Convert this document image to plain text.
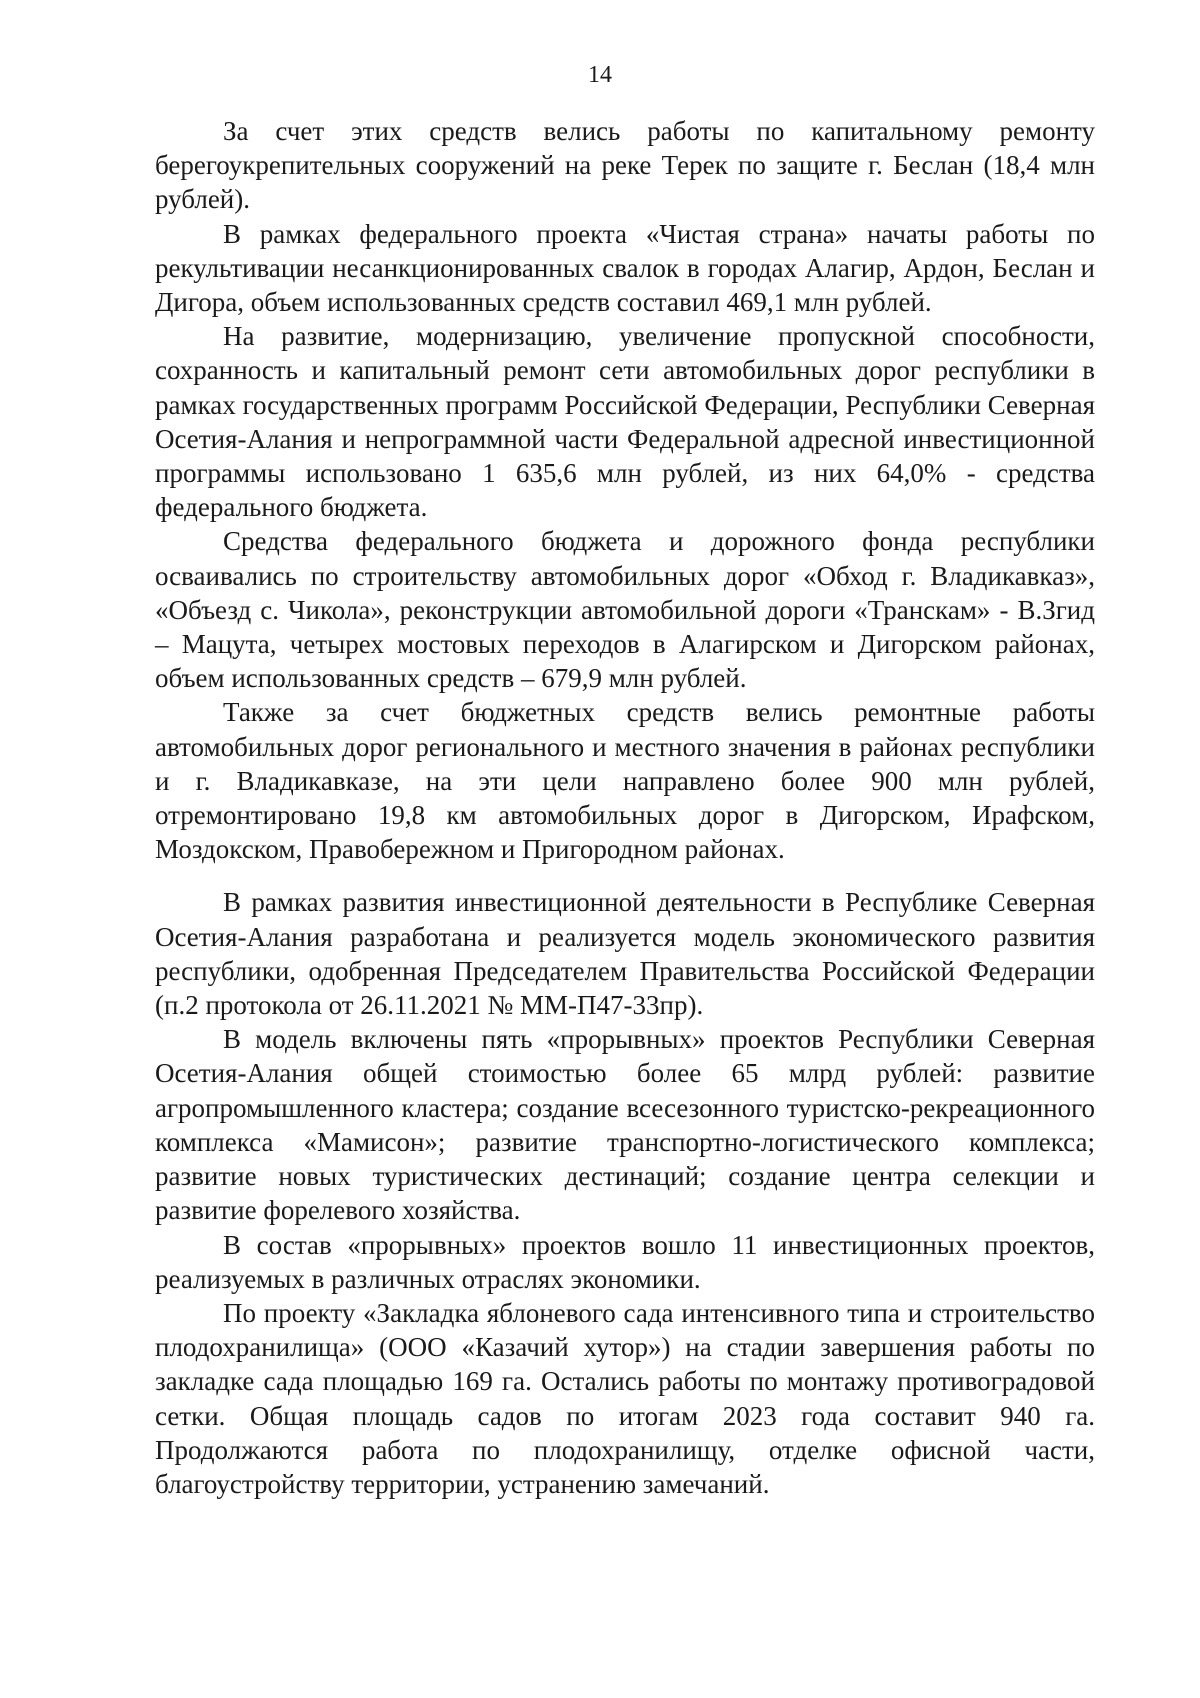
14

За счет этих средств велись работы по капитальному ремонту берегоукрепительных сооружений на реке Терек по защите г. Беслан (18,4 млн рублей).

В рамках федерального проекта «Чистая страна» начаты работы по рекультивации несанкционированных свалок в городах Алагир, Ардон, Беслан и Дигора, объем использованных средств составил 469,1 млн рублей.

На развитие, модернизацию, увеличение пропускной способности, сохранность и капитальный ремонт сети автомобильных дорог республики в рамках государственных программ Российской Федерации, Республики Северная Осетия-Алания и непрограммной части Федеральной адресной инвестиционной программы использовано 1 635,6 млн рублей, из них 64,0% - средства федерального бюджета.

Средства федерального бюджета и дорожного фонда республики осваивались по строительству автомобильных дорог «Обход г. Владикавказ», «Объезд с. Чикола», реконструкции автомобильной дороги «Транскам» - В.Згид – Мацута, четырех мостовых переходов в Алагирском и Дигорском районах, объем использованных средств – 679,9 млн рублей.

Также за счет бюджетных средств велись ремонтные работы автомобильных дорог регионального и местного значения в районах республики и г. Владикавказе, на эти цели направлено более 900 млн рублей, отремонтировано 19,8 км автомобильных дорог в Дигорском, Ирафском, Моздокском, Правобережном и Пригородном районах.

В рамках развития инвестиционной деятельности в Республике Северная Осетия-Алания разработана и реализуется модель экономического развития республики, одобренная Председателем Правительства Российской Федерации (п.2 протокола от 26.11.2021 № ММ-П47-33пр).

В модель включены пять «прорывных» проектов Республики Северная Осетия-Алания общей стоимостью более 65 млрд рублей: развитие агропромышленного кластера; создание всесезонного туристско-рекреационного комплекса «Мамисон»; развитие транспортно-логистического комплекса; развитие новых туристических дестинаций; создание центра селекции и развитие форелевого хозяйства.

В состав «прорывных» проектов вошло 11 инвестиционных проектов, реализуемых в различных отраслях экономики.

По проекту «Закладка яблоневого сада интенсивного типа и строительство плодохранилища» (ООО «Казачий хутор») на стадии завершения работы по закладке сада площадью 169 га. Остались работы по монтажу противоградовой сетки. Общая площадь садов по итогам 2023 года составит 940 га. Продолжаются работа по плодохранилищу, отделке офисной части, благоустройству территории, устранению замечаний.
